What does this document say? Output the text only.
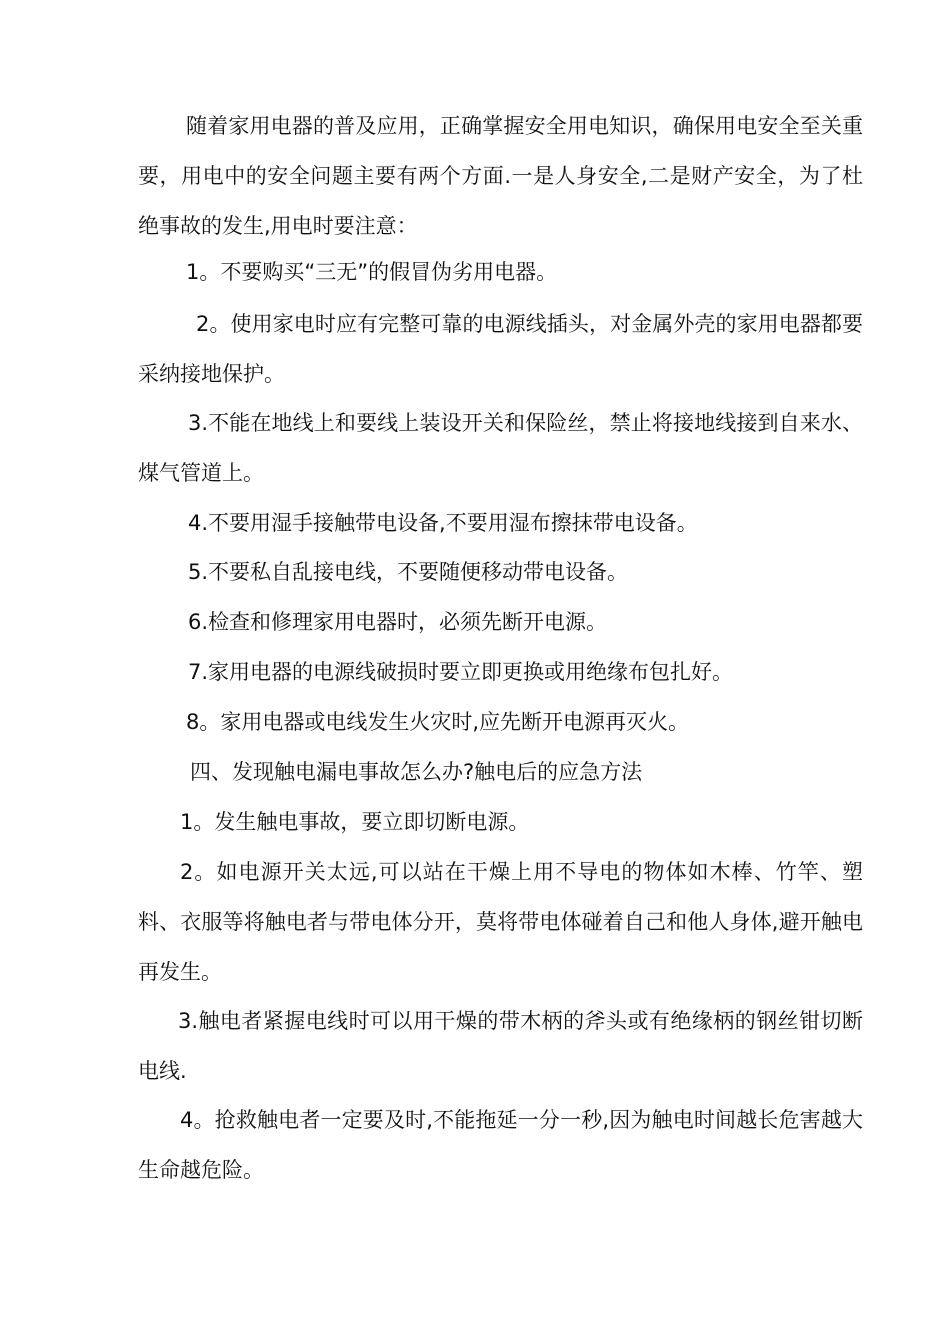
随着家用电器的普及应用，正确掌握安全用电知识，确保用电安全至关重要，用电中的安全问题主要有两个方面.一是人身安全,二是财产安全，为了杜绝事故的发生,用电时要注意：

1。不要购买“三无”的假冒伪劣用电器。

2。使用家电时应有完整可靠的电源线插头，对金属外壳的家用电器都要采纳接地保护。

3.不能在地线上和要线上装设开关和保险丝，禁止将接地线接到自来水、煤气管道上。

4.不要用湿手接触带电设备,不要用湿布擦抹带电设备。

5.不要私自乱接电线，不要随便移动带电设备。

6.检查和修理家用电器时，必须先断开电源。

7.家用电器的电源线破损时要立即更换或用绝缘布包扎好。

8。家用电器或电线发生火灾时,应先断开电源再灭火。

四、发现触电漏电事故怎么办?触电后的应急方法

1。发生触电事故，要立即切断电源。

2。如电源开关太远,可以站在干燥上用不导电的物体如木棒、竹竿、塑料、衣服等将触电者与带电体分开，莫将带电体碰着自己和他人身体,避开触电再发生。

3.触电者紧握电线时可以用干燥的带木柄的斧头或有绝缘柄的钢丝钳切断电线.

4。抢救触电者一定要及时,不能拖延一分一秒,因为触电时间越长危害越大生命越危险。
